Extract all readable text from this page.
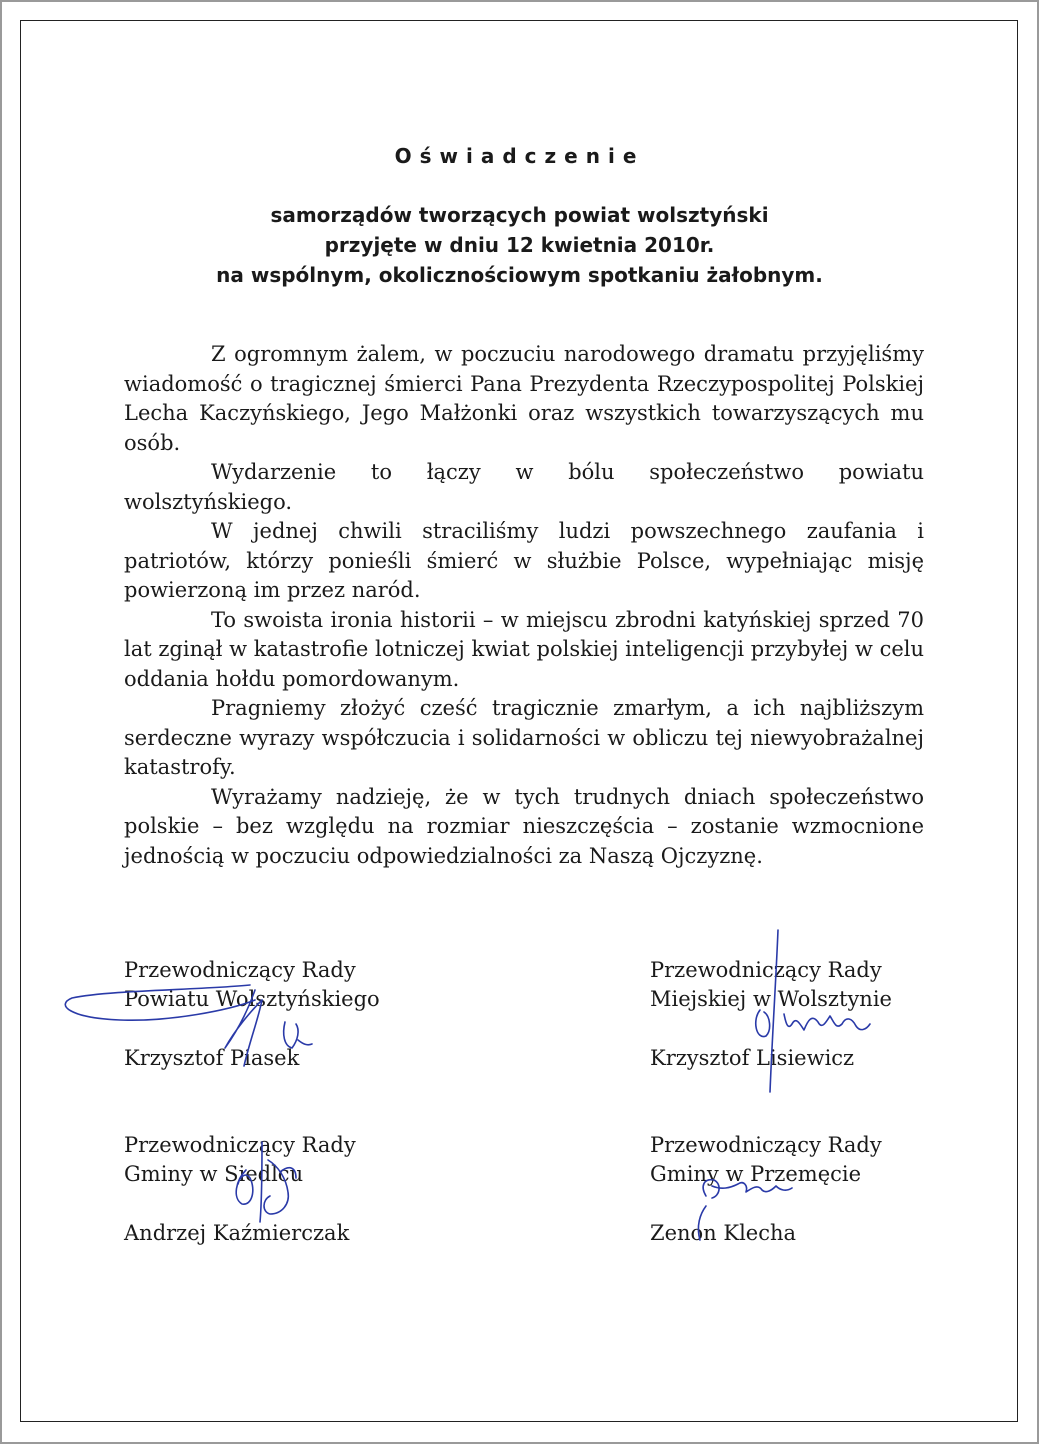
Oświadczenie
samorządów tworzących powiat wolsztyński
przyjęte w dniu 12 kwietnia 2010r.
na wspólnym, okolicznościowym spotkaniu żałobnym.

Z ogromnym żalem, w poczuciu narodowego dramatu przyjęliśmy wiadomość o tragicznej śmierci Pana Prezydenta Rzeczypospolitej Polskiej Lecha Kaczyńskiego, Jego Małżonki oraz wszystkich towarzyszących mu osób.

Wydarzenie to łączy w bólu społeczeństwo powiatu wolsztyńskiego.

W jednej chwili straciliśmy ludzi powszechnego zaufania i patriotów, którzy ponieśli śmierć w służbie Polsce, wypełniając misję powierzoną im przez naród.

To swoista ironia historii – w miejscu zbrodni katyńskiej sprzed 70 lat zginął w katastrofie lotniczej kwiat polskiej inteligencji przybyłej w celu oddania hołdu pomordowanym.

Pragniemy złożyć cześć tragicznie zmarłym, a ich najbliższym serdeczne wyrazy współczucia i solidarności w obliczu tej niewyobrażalnej katastrofy.

Wyrażamy nadzieję, że w tych trudnych dniach społeczeństwo polskie – bez względu na rozmiar nieszczęścia – zostanie wzmocnione jednością w poczuciu odpowiedzialności za Naszą Ojczyznę.

Przewodniczący Rady
Powiatu Wolsztyńskiego
Krzysztof Piasek
Przewodniczący Rady
Miejskiej w Wolsztynie
Krzysztof Lisiewicz
Przewodniczący Rady
Gminy w Siedlcu
Andrzej Kaźmierczak
Przewodniczący Rady
Gminy w Przemęcie
Zenon Klecha
